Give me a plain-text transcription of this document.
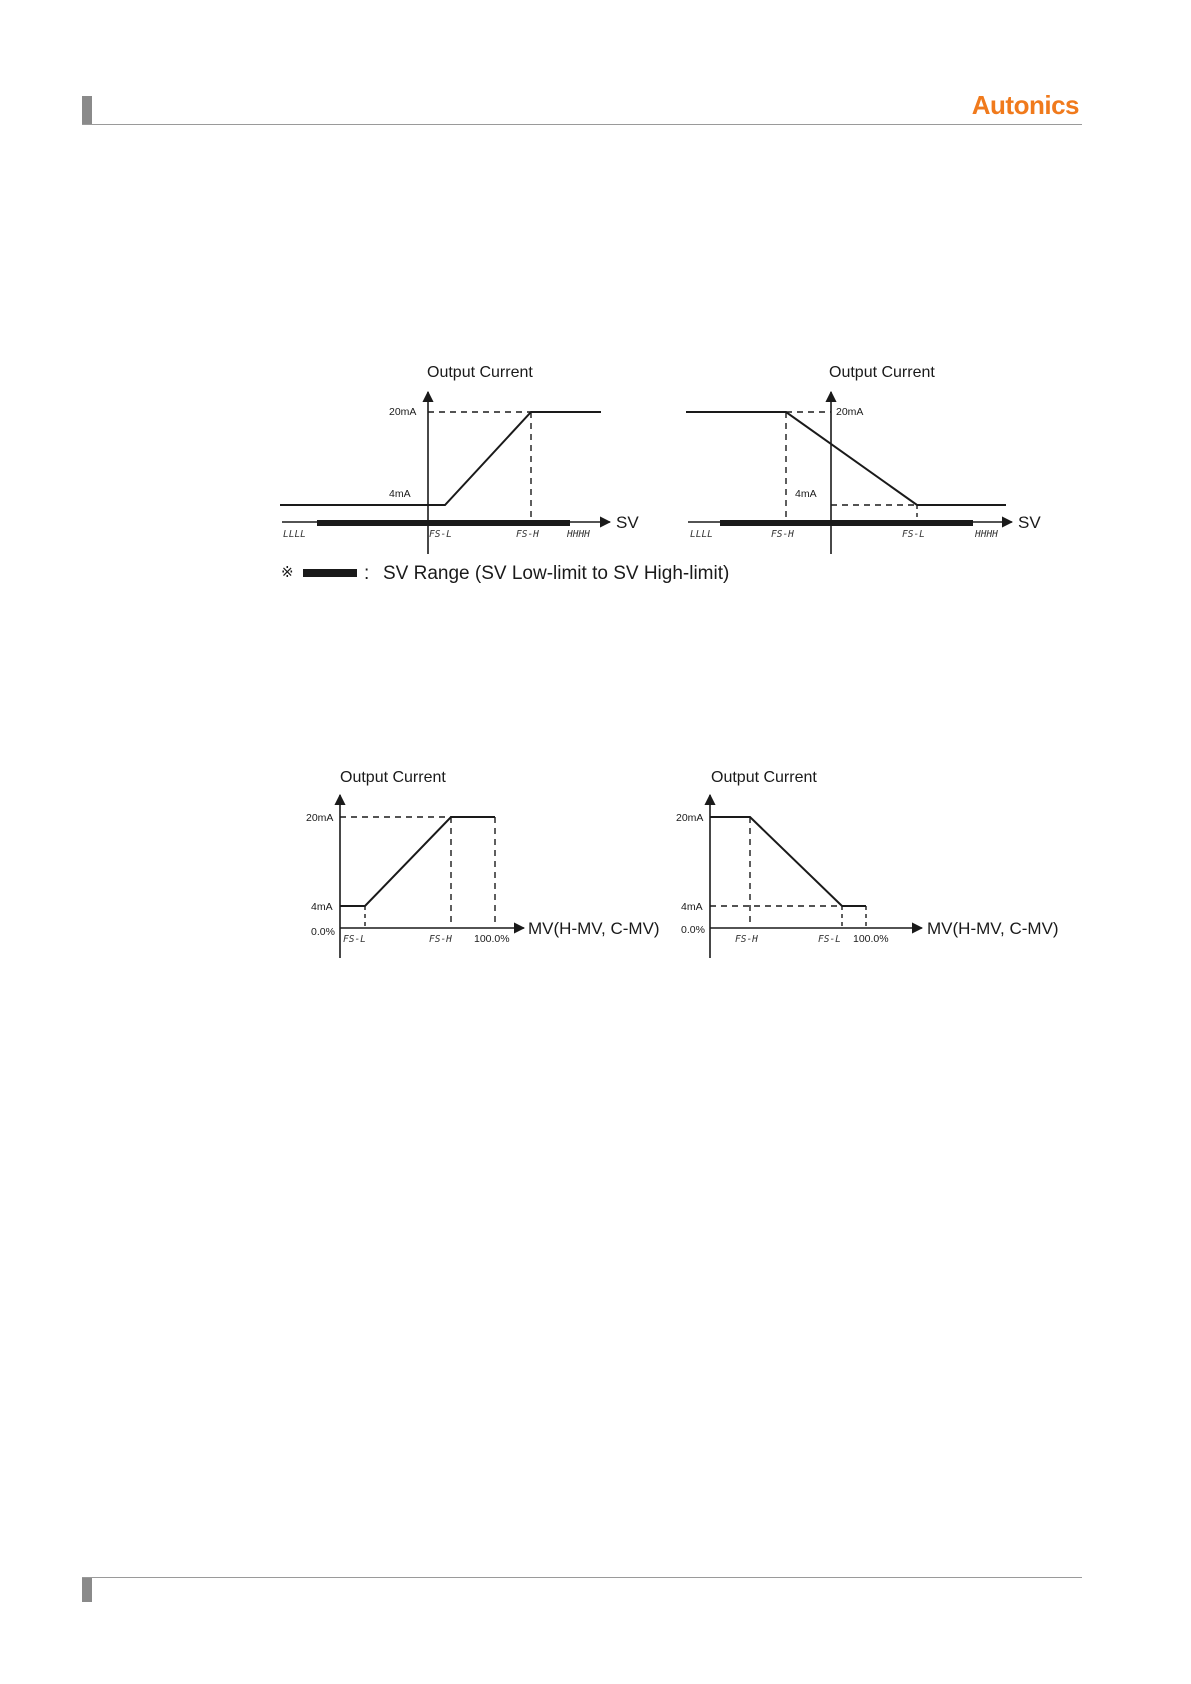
Autonics
Output Current
SV
20mA
4mA
LLLL	FS-L	FS-H	HHHH
Output Current
SV
20mA
4mA
LLLL	FS-H	FS-L	HHHH
※	: SV Range (SV Low-limit to SV High-limit)
Output Current
MV(H-MV, C-MV)
20mA
4mA
0.0%
FS-L	FS-H 100.0%
Output Current
MV(H-MV, C-MV)
20mA
4mA
0.0%
FS-H	FS-L 100.0%
